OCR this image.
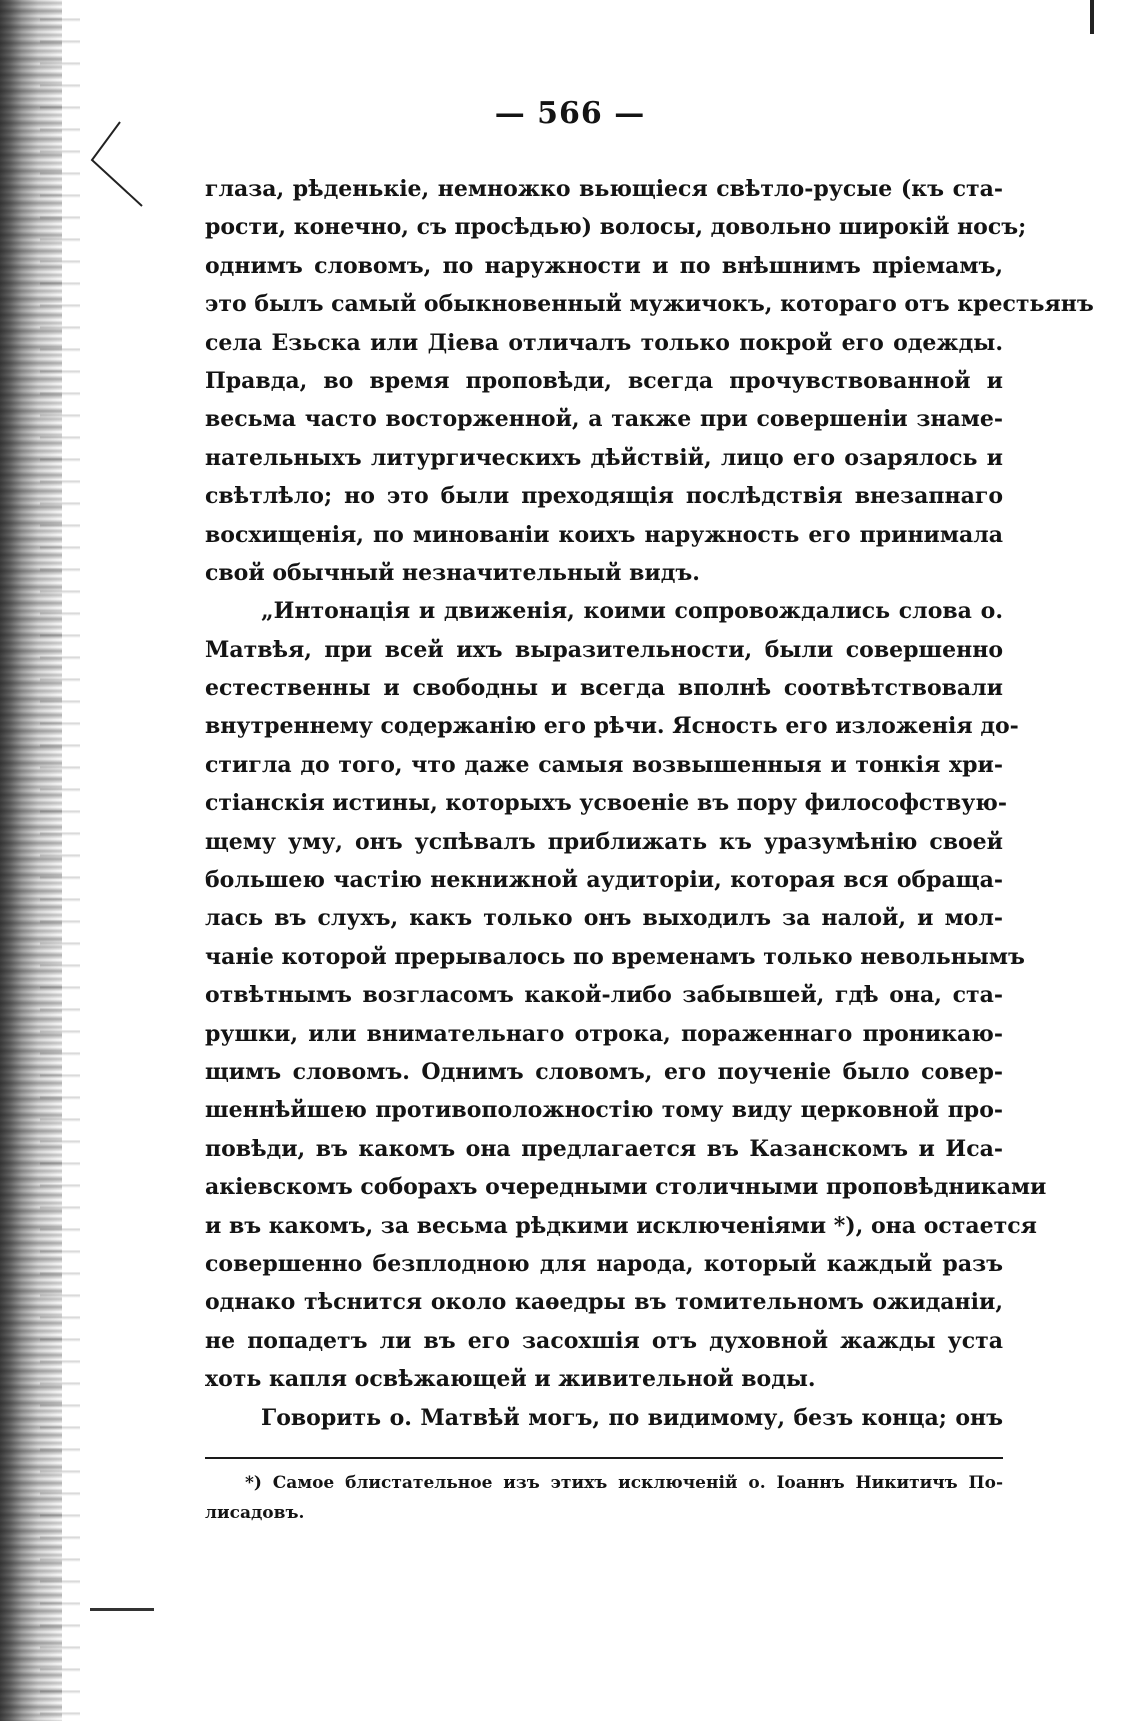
— 566 —
глаза, рѣденькіе, немножко вьющіеся свѣтло-русые (къ ста-
рости, конечно, съ просѣдью) волосы, довольно широкій носъ;
однимъ словомъ, по наружности и по внѣшнимъ пріемамъ,
это былъ самый обыкновенный мужичокъ, котораго отъ крестьянъ
села Езьска или Діева отличалъ только покрой его одежды.
Правда, во время проповѣди, всегда прочувствованной и
весьма часто восторженной, а также при совершеніи знаме-
нательныхъ литургическихъ дѣйствій, лицо его озарялось и
свѣтлѣло; но это были преходящія послѣдствія внезапнаго
восхищенія, по минованіи коихъ наружность его принимала
свой обычный незначительный видъ.
„Интонація и движенія, коими сопровождались слова о.
Матвѣя, при всей ихъ выразительности, были совершенно
естественны и свободны и всегда вполнѣ соотвѣтствовали
внутреннему содержанію его рѣчи. Ясность его изложенія до-
стигла до того, что даже самыя возвышенныя и тонкія хри-
стіанскія истины, которыхъ усвоеніе въ пору философствую-
щему уму, онъ успѣвалъ приближать къ уразумѣнію своей
большею частію некнижной аудиторіи, которая вся обраща-
лась въ слухъ, какъ только онъ выходилъ за налой, и мол-
чаніе которой прерывалось по временамъ только невольнымъ
отвѣтнымъ возгласомъ какой-либо забывшей, гдѣ она, ста-
рушки, или внимательнаго отрока, пораженнаго проникаю-
щимъ словомъ. Однимъ словомъ, его поученіе было совер-
шеннѣйшею противоположностію тому виду церковной про-
повѣди, въ какомъ она предлагается въ Казанскомъ и Иса-
акіевскомъ соборахъ очередными столичными проповѣдниками
и въ какомъ, за весьма рѣдкими исключеніями *), она остается
совершенно безплодною для народа, который каждый разъ
однако тѣснится около каѳедры въ томительномъ ожиданіи,
не попадетъ ли въ его засохшія отъ духовной жажды уста
хоть капля освѣжающей и живительной воды.
Говорить о. Матвѣй могъ, по видимому, безъ конца; онъ
*) Самое блистательное изъ этихъ исключеній о. Іоаннъ Никитичъ По-
лисадовъ.
